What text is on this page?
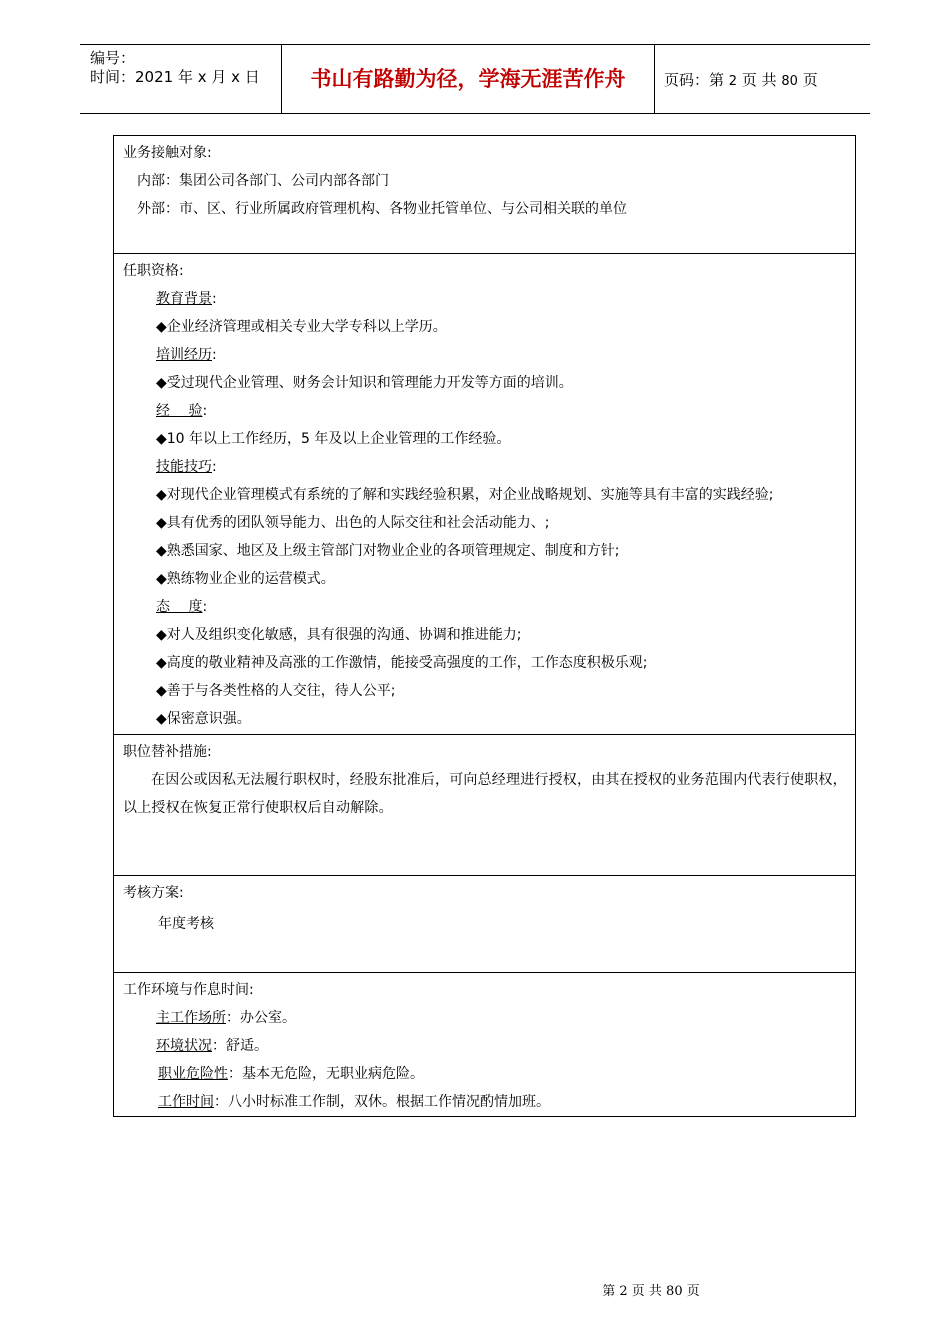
编号：
时间：2021 年 x 月 x 日	书山有路勤为径，学海无涯苦作舟	页码：第 2 页 共 80 页
业务接触对象:
内部：集团公司各部门、公司内部各部门
外部：市、区、行业所属政府管理机构、各物业托管单位、与公司相关联的单位
任职资格:
教育背景:
◆企业经济管理或相关专业大学专科以上学历。
培训经历:
◆受过现代企业管理、财务会计知识和管理能力开发等方面的培训。
经　 验:
◆10 年以上工作经历，5 年及以上企业管理的工作经验。
技能技巧:
◆对现代企业管理模式有系统的了解和实践经验积累，对企业战略规划、实施等具有丰富的实践经验;
◆具有优秀的团队领导能力、出色的人际交往和社会活动能力、;
◆熟悉国家、地区及上级主管部门对物业企业的各项管理规定、制度和方针;
◆熟练物业企业的运营模式。
态　 度:
◆对人及组织变化敏感，具有很强的沟通、协调和推进能力;
◆高度的敬业精神及高涨的工作激情，能接受高强度的工作，工作态度积极乐观;
◆善于与各类性格的人交往，待人公平;
◆保密意识强。
职位替补措施:
在因公或因私无法履行职权时，经股东批准后，可向总经理进行授权，由其在授权的业务范围内代表行使职权，以上授权在恢复正常行使职权后自动解除。
考核方案:
年度考核
工作环境与作息时间:
主工作场所：办公室。
环境状况：舒适。
职业危险性：基本无危险，无职业病危险。
工作时间：八小时标准工作制，双休。根据工作情况酌情加班。
第 2 页 共 80 页
